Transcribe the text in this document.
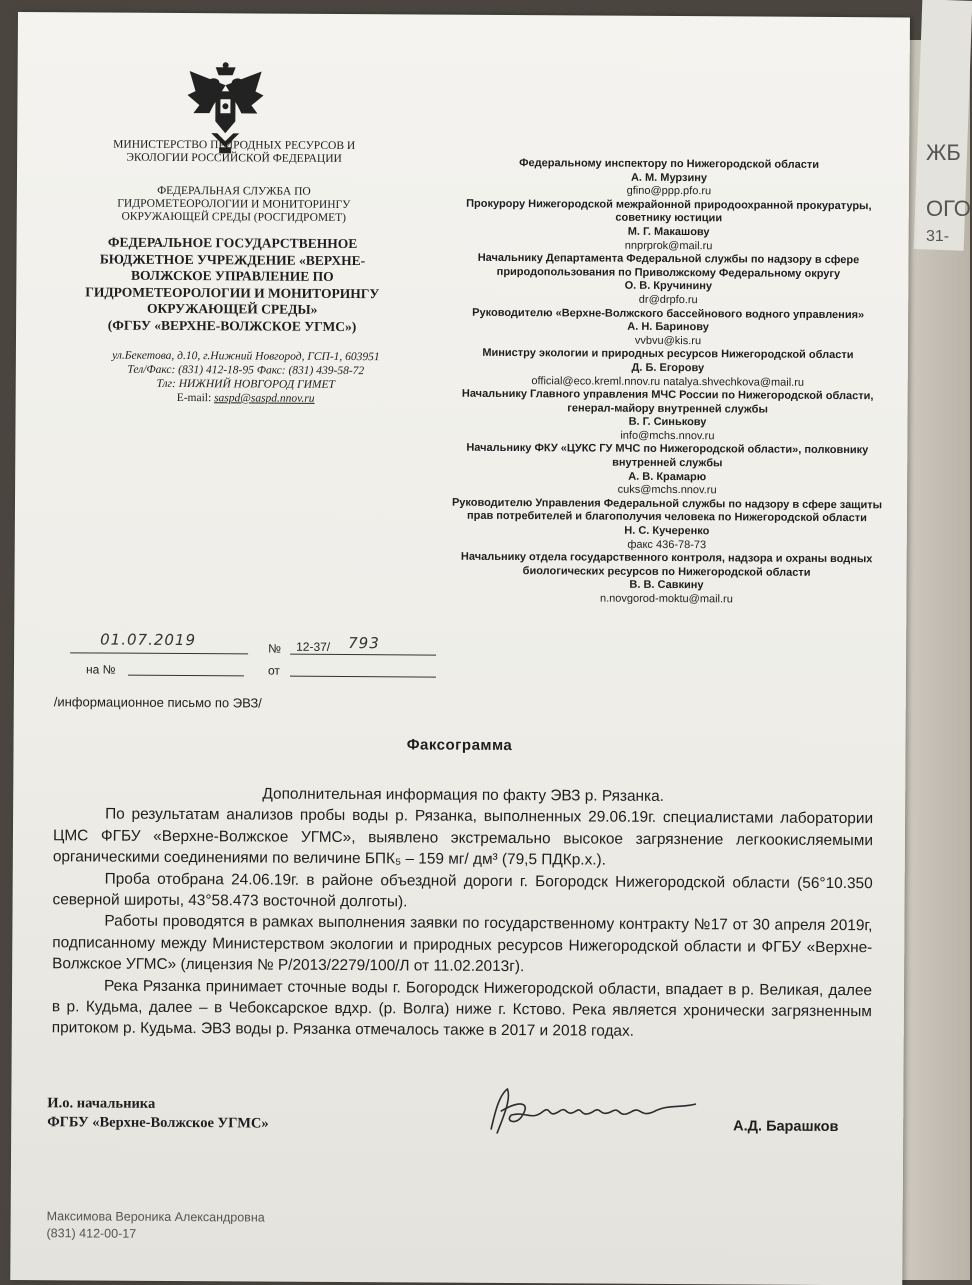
ЖБ
ОГО
31-
МИНИСТЕРСТВО ПРИРОДНЫХ РЕСУРСОВ И ЭКОЛОГИИ РОССИЙСКОЙ ФЕДЕРАЦИИ
ФЕДЕРАЛЬНАЯ СЛУЖБА ПО ГИДРОМЕТЕОРОЛОГИИ И МОНИТОРИНГУ ОКРУЖАЮЩЕЙ СРЕДЫ (РОСГИДРОМЕТ)
ФЕДЕРАЛЬНОЕ ГОСУДАРСТВЕННОЕ БЮДЖЕТНОЕ УЧРЕЖДЕНИЕ «ВЕРХНЕ-ВОЛЖСКОЕ УПРАВЛЕНИЕ ПО ГИДРОМЕТЕОРОЛОГИИ И МОНИТОРИНГУ ОКРУЖАЮЩЕЙ СРЕДЫ»
(ФГБУ «ВЕРХНЕ-ВОЛЖСКОЕ УГМС»)
ул.Бекетова, д.10, г.Нижний Новгород, ГСП-1, 603951
Тел/Факс: (831) 412-18-95 Факс: (831) 439-58-72
Тлг: НИЖНИЙ НОВГОРОД ГИМЕТ
E-mail: saspd@saspd.nnov.ru
Федеральному инспектору по Нижегородской области
А. М. Мурзину
gfino@ppp.pfo.ru
Прокурору Нижегородской межрайонной природоохранной прокуратуры, советнику юстиции
М. Г. Макашову
nnprprok@mail.ru
Начальнику Департамента Федеральной службы по надзору в сфере природопользования по Приволжскому Федеральному округу
О. В. Кручинину
dr@drpfo.ru
Руководителю «Верхне-Волжского бассейнового водного управления»
А. Н. Баринову
vvbvu@kis.ru
Министру экологии и природных ресурсов Нижегородской области
Д. Б. Егорову
official@eco.kreml.nnov.ru natalya.shvechkova@mail.ru
Начальнику Главного управления МЧС России по Нижегородской области, генерал-майору внутренней службы
В. Г. Синькову
info@mchs.nnov.ru
Начальнику ФКУ «ЦУКС ГУ МЧС по Нижегородской области», полковнику внутренней службы
А. В. Крамарю
cuks@mchs.nnov.ru
Руководителю Управления Федеральной службы по надзору в сфере защиты прав потребителей и благополучия человека по Нижегородской области
Н. С. Кучеренко
факс 436-78-73
Начальнику отдела государственного контроля, надзора и охраны водных биологических ресурсов по Нижегородской области
В. В. Савкину
n.novgorod-moktu@mail.ru
01.07.2019	№ 12-37/ 793
на №	от
/информационное письмо по ЭВЗ/
Факсограмма

Дополнительная информация по факту ЭВЗ р. Рязанка.

По результатам анализов пробы воды р. Рязанка, выполненных 29.06.19г. специалистами лаборатории ЦМС ФГБУ «Верхне-Волжское УГМС», выявлено экстремально высокое загрязнение легкоокисляемыми органическими соединениями по величине БПК₅ – 159 мг/ дм³ (79,5 ПДКр.х.).

Проба отобрана 24.06.19г. в районе объездной дороги г. Богородск Нижегородской области (56°10.350 северной широты, 43°58.473 восточной долготы).

Работы проводятся в рамках выполнения заявки по государственному контракту №17 от 30 апреля 2019г, подписанному между Министерством экологии и природных ресурсов Нижегородской области и ФГБУ «Верхне-Волжское УГМС» (лицензия № Р/2013/2279/100/Л от 11.02.2013г).

Река Рязанка принимает сточные воды г. Богородск Нижегородской области, впадает в р. Великая, далее в р. Кудьма, далее – в Чебоксарское вдхр. (р. Волга) ниже г. Кстово. Река является хронически загрязненным притоком р. Кудьма. ЭВЗ воды р. Рязанка отмечалось также в 2017 и 2018 годах.

И.о. начальника
ФГБУ «Верхне-Волжское УГМС»	А.Д. Барашков
Максимова Вероника Александровна
(831) 412-00-17
